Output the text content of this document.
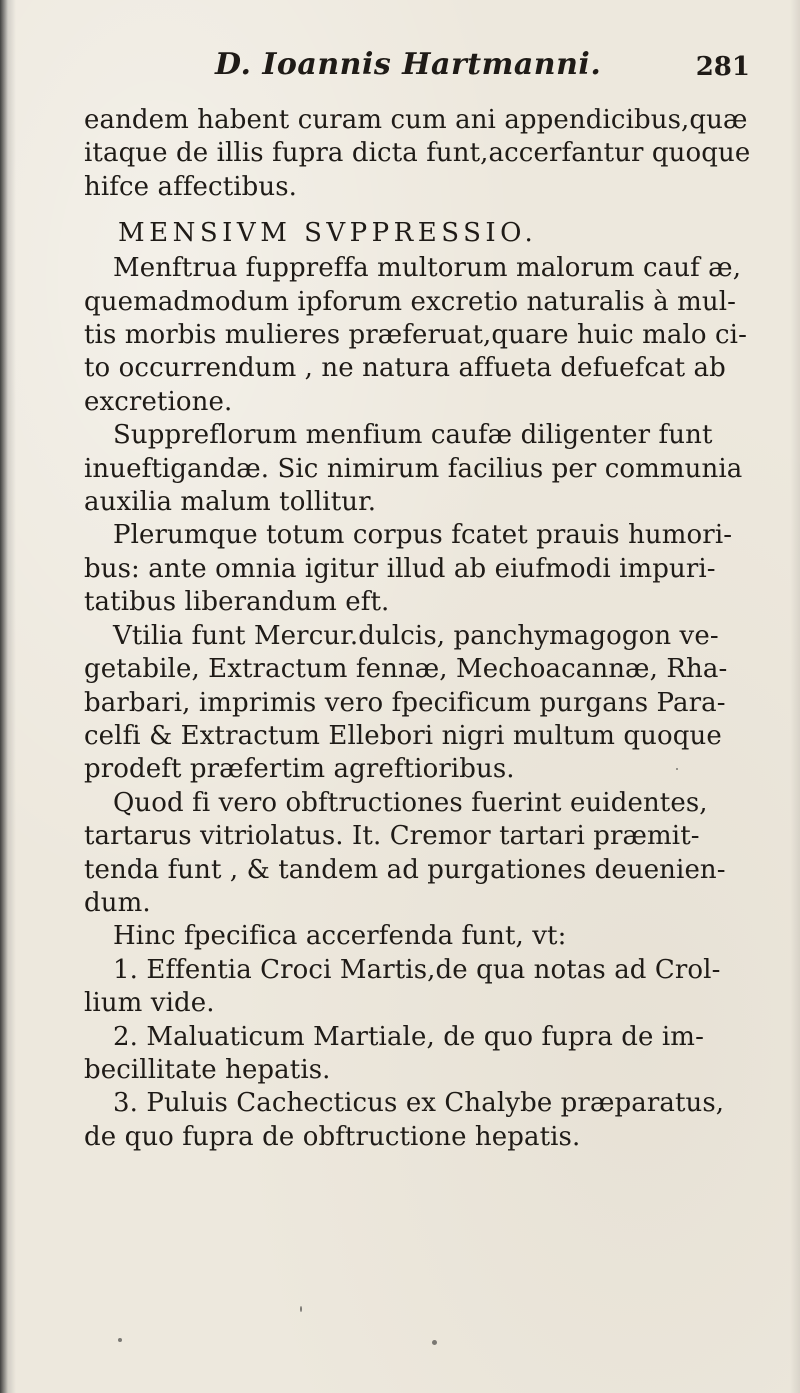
D. Ioannis Hartmanni.	281
eandem habent curam cum ani appendicibus,quæ
itaque de illis fupra dicta funt,accerfantur quoque
hifce affectibus.
MENSIVM SVPPRESSIO.
Menftrua fuppreffa multorum malorum cauf æ,
quemadmodum ipforum excretio naturalis à mul-
tis morbis mulieres præferuat,quare huic malo ci-
to occurrendum , ne natura affueta defuefcat ab
excretione.
Suppreflorum menfium caufæ diligenter funt
inueftigandæ. Sic nimirum facilius per communia
auxilia malum tollitur.
Plerumque totum corpus fcatet prauis humori-
bus: ante omnia igitur illud ab eiufmodi impuri-
tatibus liberandum eft.
Vtilia funt Mercur.dulcis, panchymagogon ve-
getabile, Extractum fennæ, Mechoacannæ, Rha-
barbari, imprimis vero fpecificum purgans Para-
celfi & Extractum Ellebori nigri multum quoque
prodeft præfertim agreftioribus.
Quod fi vero obftructiones fuerint euidentes,
tartarus vitriolatus. It. Cremor tartari præmit-
tenda funt , & tandem ad purgationes deuenien-
dum.
Hinc fpecifica accerfenda funt, vt:
1. Effentia Croci Martis,de qua notas ad Crol-
lium vide.
2. Maluaticum Martiale, de quo fupra de im-
becillitate hepatis.
3. Puluis Cachecticus ex Chalybe præparatus,
de quo fupra de obftructione hepatis.
